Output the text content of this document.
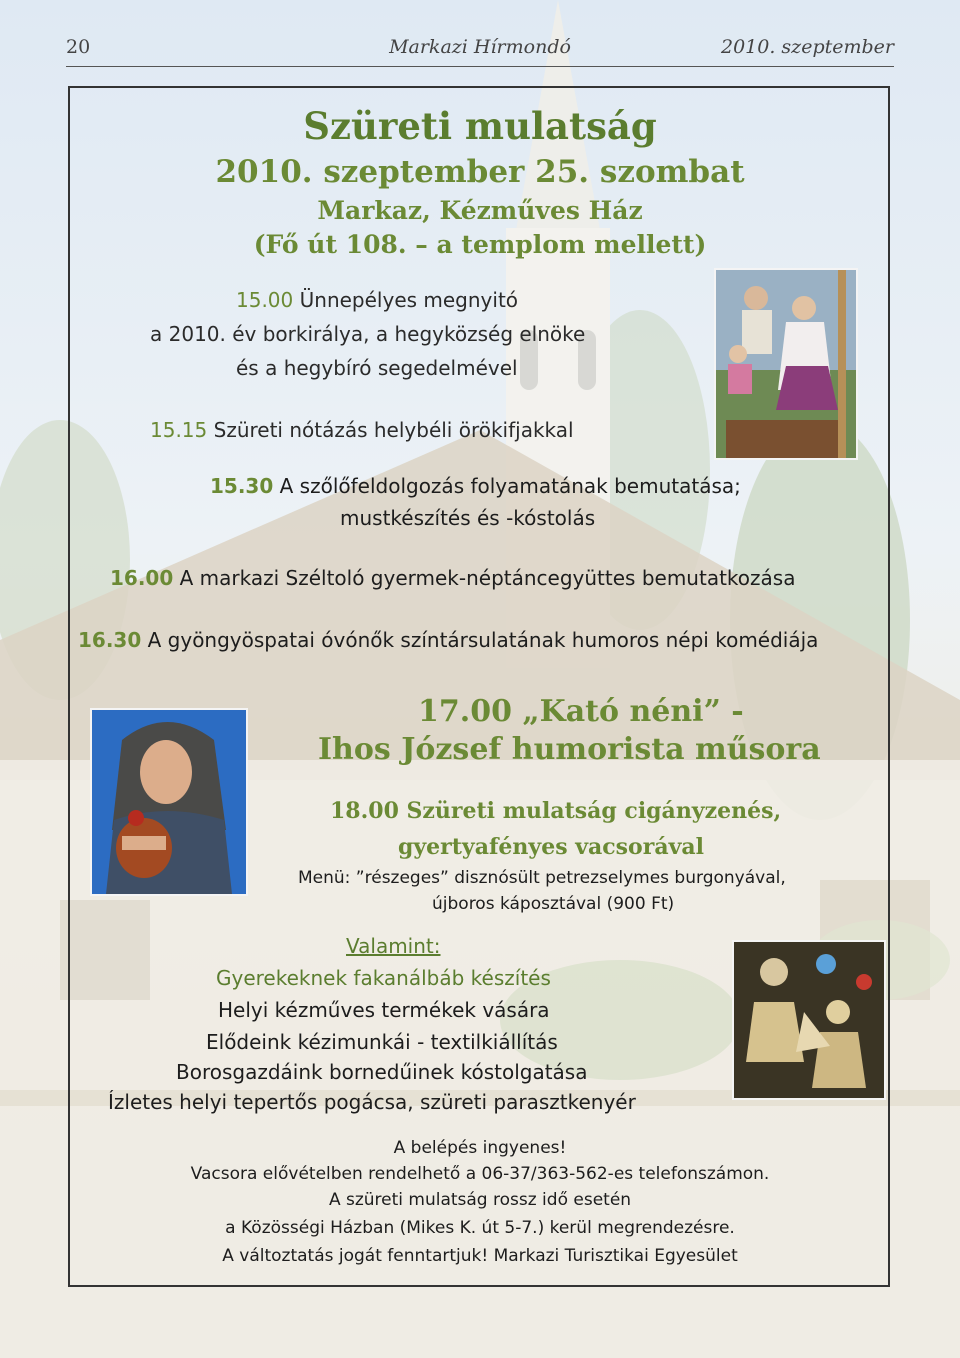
20	Markazi Hírmondó	2010. szeptember
Szüreti mulatság
2010. szeptember 25. szombat
Markaz, Kézműves Ház
(Fő út 108. – a templom mellett)
15.00 Ünnepélyes megnyitó
a 2010. év borkirálya, a hegyközség elnöke
és a hegybíró segedelmével
15.15 Szüreti nótázás helybéli örökifjakkal
15.30 A szőlőfeldolgozás folyamatának bemutatása;
mustkészítés és -kóstolás
16.00 A markazi Széltoló gyermek-néptáncegyüttes bemutatkozása
16.30 A gyöngyöspatai óvónők színtársulatának humoros népi komédiája
17.00 „Kató néni” -
Ihos József humorista műsora
18.00 Szüreti mulatság cigányzenés,
gyertyafényes vacsorával
Menü: ”részeges” disznósült petrezselymes burgonyával,
újboros káposztával (900 Ft)
Valamint:
Gyerekeknek fakanálbáb készítés
Helyi kézműves termékek vására
Elődeink kézimunkái - textilkiállítás
Borosgazdáink bornedűinek kóstolgatása
Ízletes helyi tepertős pogácsa, szüreti parasztkenyér
A belépés ingyenes!
Vacsora elővételben rendelhető a 06-37/363-562-es telefonszámon.
A szüreti mulatság rossz idő esetén
a Közösségi Házban (Mikes K. út 5-7.) kerül megrendezésre.
A változtatás jogát fenntartjuk! Markazi Turisztikai Egyesület
